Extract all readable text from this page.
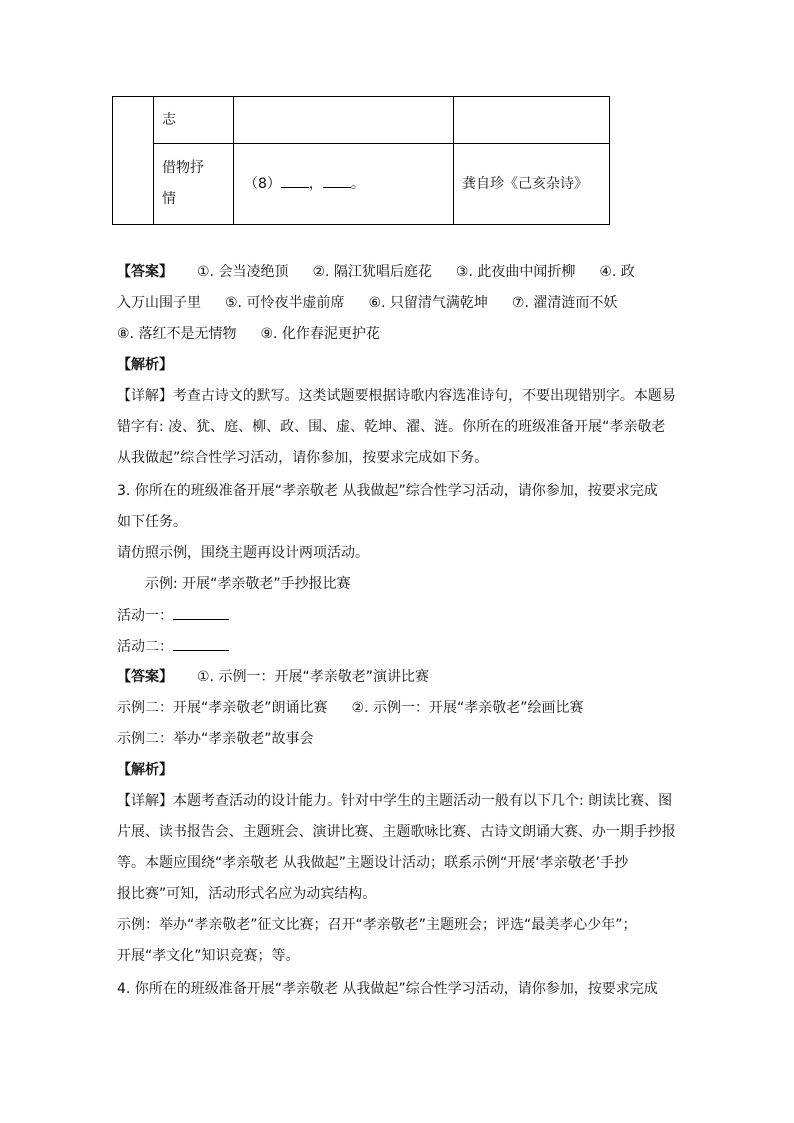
	志		

	借物抒
情	（8） ， 。	龚自珍《己亥杂诗》
【答案】 ①. 会当凌绝顶 ②. 隔江犹唱后庭花 ③. 此夜曲中闻折柳 ④. 政
入万山围子里 ⑤. 可怜夜半虚前席 ⑥. 只留清气满乾坤 ⑦. 濯清涟而不妖
⑧. 落红不是无情物 ⑨. 化作春泥更护花
【解析】
【详解】考查古诗文的默写。这类试题要根据诗歌内容选准诗句，不要出现错别字。本题易
错字有: 凌、犹、庭、柳、政、围、虚、乾坤、濯、涟。你所在的班级准备开展“孝亲敬老
从我做起”综合性学习活动，请你参加，按要求完成如下务。
3. 你所在的班级准备开展“孝亲敬老 从我做起”综合性学习活动，请你参加，按要求完成
如下任务。
请仿照示例，围绕主题再设计两项活动。
示例: 开展“孝亲敬老”手抄报比赛
活动一：
活动二：
【答案】 ①. 示例一：开展“孝亲敬老”演讲比赛
示例二：开展“孝亲敬老”朗诵比赛 ②. 示例一：开展“孝亲敬老”绘画比赛
示例二：举办“孝亲敬老”故事会
【解析】
【详解】本题考查活动的设计能力。针对中学生的主题活动一般有以下几个: 朗读比赛、图
片展、读书报告会、主题班会、演讲比赛、主题歌咏比赛、古诗文朗诵大赛、办一期手抄报
等。本题应围绕“孝亲敬老 从我做起”主题设计活动；联系示例“开展‘孝亲敬老’手抄
报比赛”可知，活动形式名应为动宾结构。
示例：举办“孝亲敬老”征文比赛；召开“孝亲敬老”主题班会；评选“最美孝心少年”；
开展“孝文化”知识竞赛；等。
4. 你所在的班级准备开展“孝亲敬老 从我做起”综合性学习活动，请你参加，按要求完成
